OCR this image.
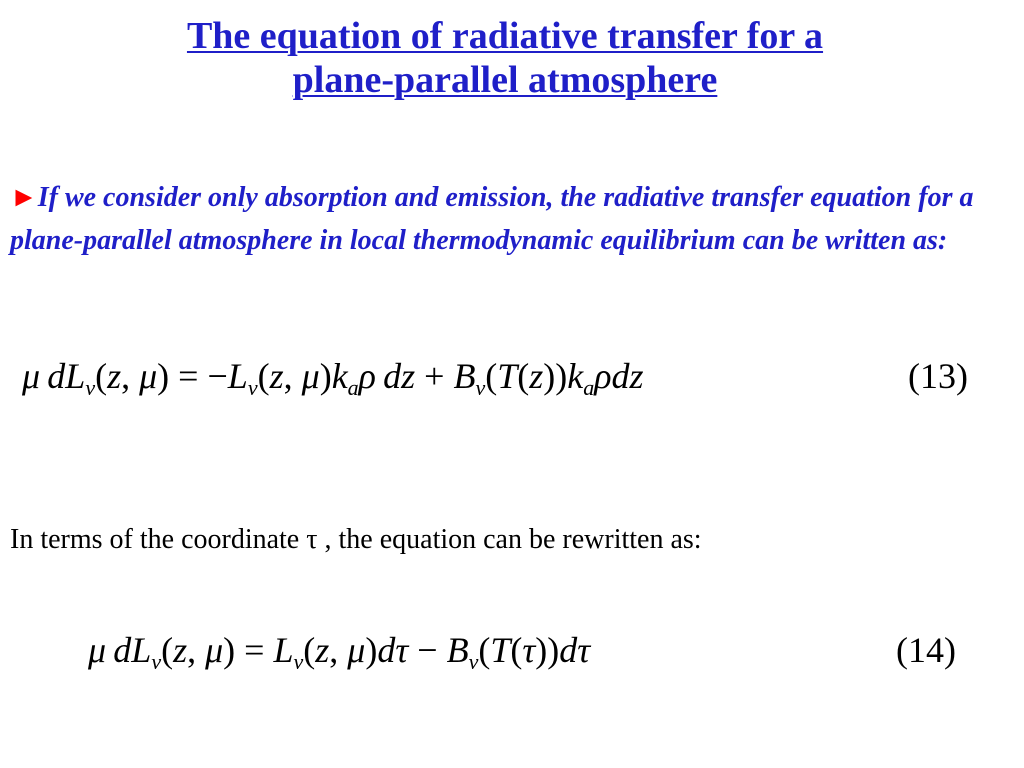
The equation of radiative transfer for a
plane-parallel atmosphere
►If we consider only absorption and emission, the radiative transfer equation for a plane-parallel atmosphere in local thermodynamic equilibrium can be written as:
μ $dL_\nu(z$, $\mu) = -L_\nu(z$, $\mu)k_a\rho$ dz + $B_\nu(T(z))k_a\rho dz$	(13)
In terms of the coordinate τ , the equation can be rewritten as:
μ $dL_\nu(z$, $\mu) = L_\nu(z$, $\mu)d\tau - B_\nu(T(\tau))d\tau$	(14)
